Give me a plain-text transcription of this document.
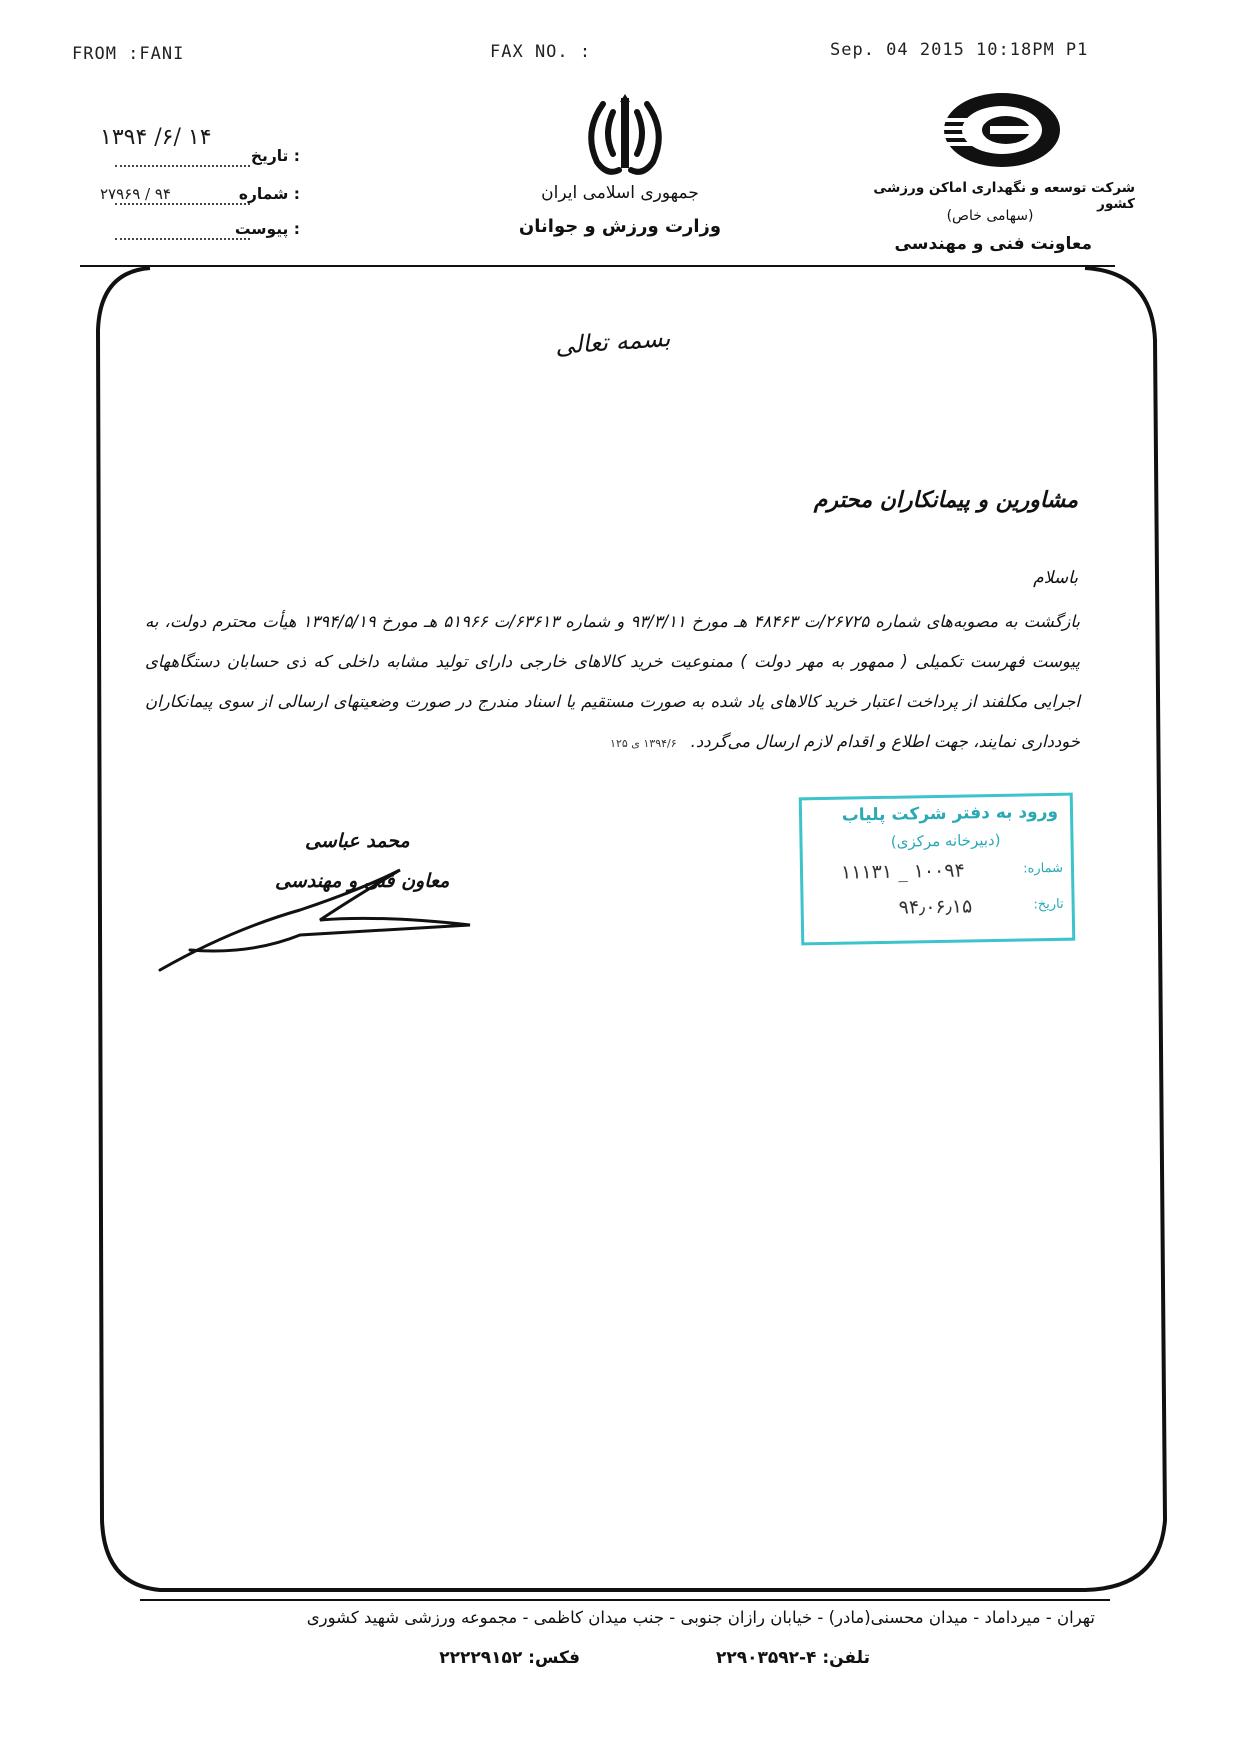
FROM :FANI	FAX NO. :	Sep. 04 2015 10:18PM P1
جمهوری اسلامی ایران
وزارت ورزش و جوانان
شرکت توسعه و نگهداری اماکن ورزشی کشور
(سهامی خاص)
معاونت فنی و مهندسی
تاریخ :
۱۳۹۴ /۶/ ۱۴
شماره :
۲۷۹۶۹ / ۹۴
پیوست :
بسمه تعالی
مشاورین و پیمانکاران محترم
باسلام
بازگشت به مصوبه‌های شماره ۲۶۷۲۵/ت ۴۸۴۶۳ هـ مورخ ۹۳/۳/۱۱ و شماره ۶۳۶۱۳/ت ۵۱۹۶۶ هـ مورخ ۱۳۹۴/۵/۱۹ هیأت محترم دولت، به پیوست فهرست تکمیلی ( ممهور به مهر دولت ) ممنوعیت خرید کالاهای خارجی دارای تولید مشابه داخلی که ذی حسابان دستگاههای اجرایی مکلفند از پرداخت اعتبار خرید کالاهای یاد شده به صورت مستقیم یا اسناد مندرج در صورت وضعیتهای ارسالی از سوی پیمانکاران خودداری نمایند، جهت اطلاع و اقدام لازم ارسال می‌گردد.۱۳۹۴/۶ ی ۱۲۵
محمد عباسی
معاون فنی و مهندسی
ورود به دفتر شرکت پلیاب
(دبیرخانه مرکزی)
شماره:
۱۰۰۹۴ _ ۱۱۱۳۱
تاریخ:
۹۴٫۰۶٫۱۵
تهران - میرداماد - میدان محسنی(مادر) - خیابان رازان جنوبی - جنب میدان کاظمی - مجموعه ورزشی شهید کشوری
تلفن: ۴-۲۲۹۰۳۵۹۲
فکس: ۲۲۲۲۹۱۵۲
